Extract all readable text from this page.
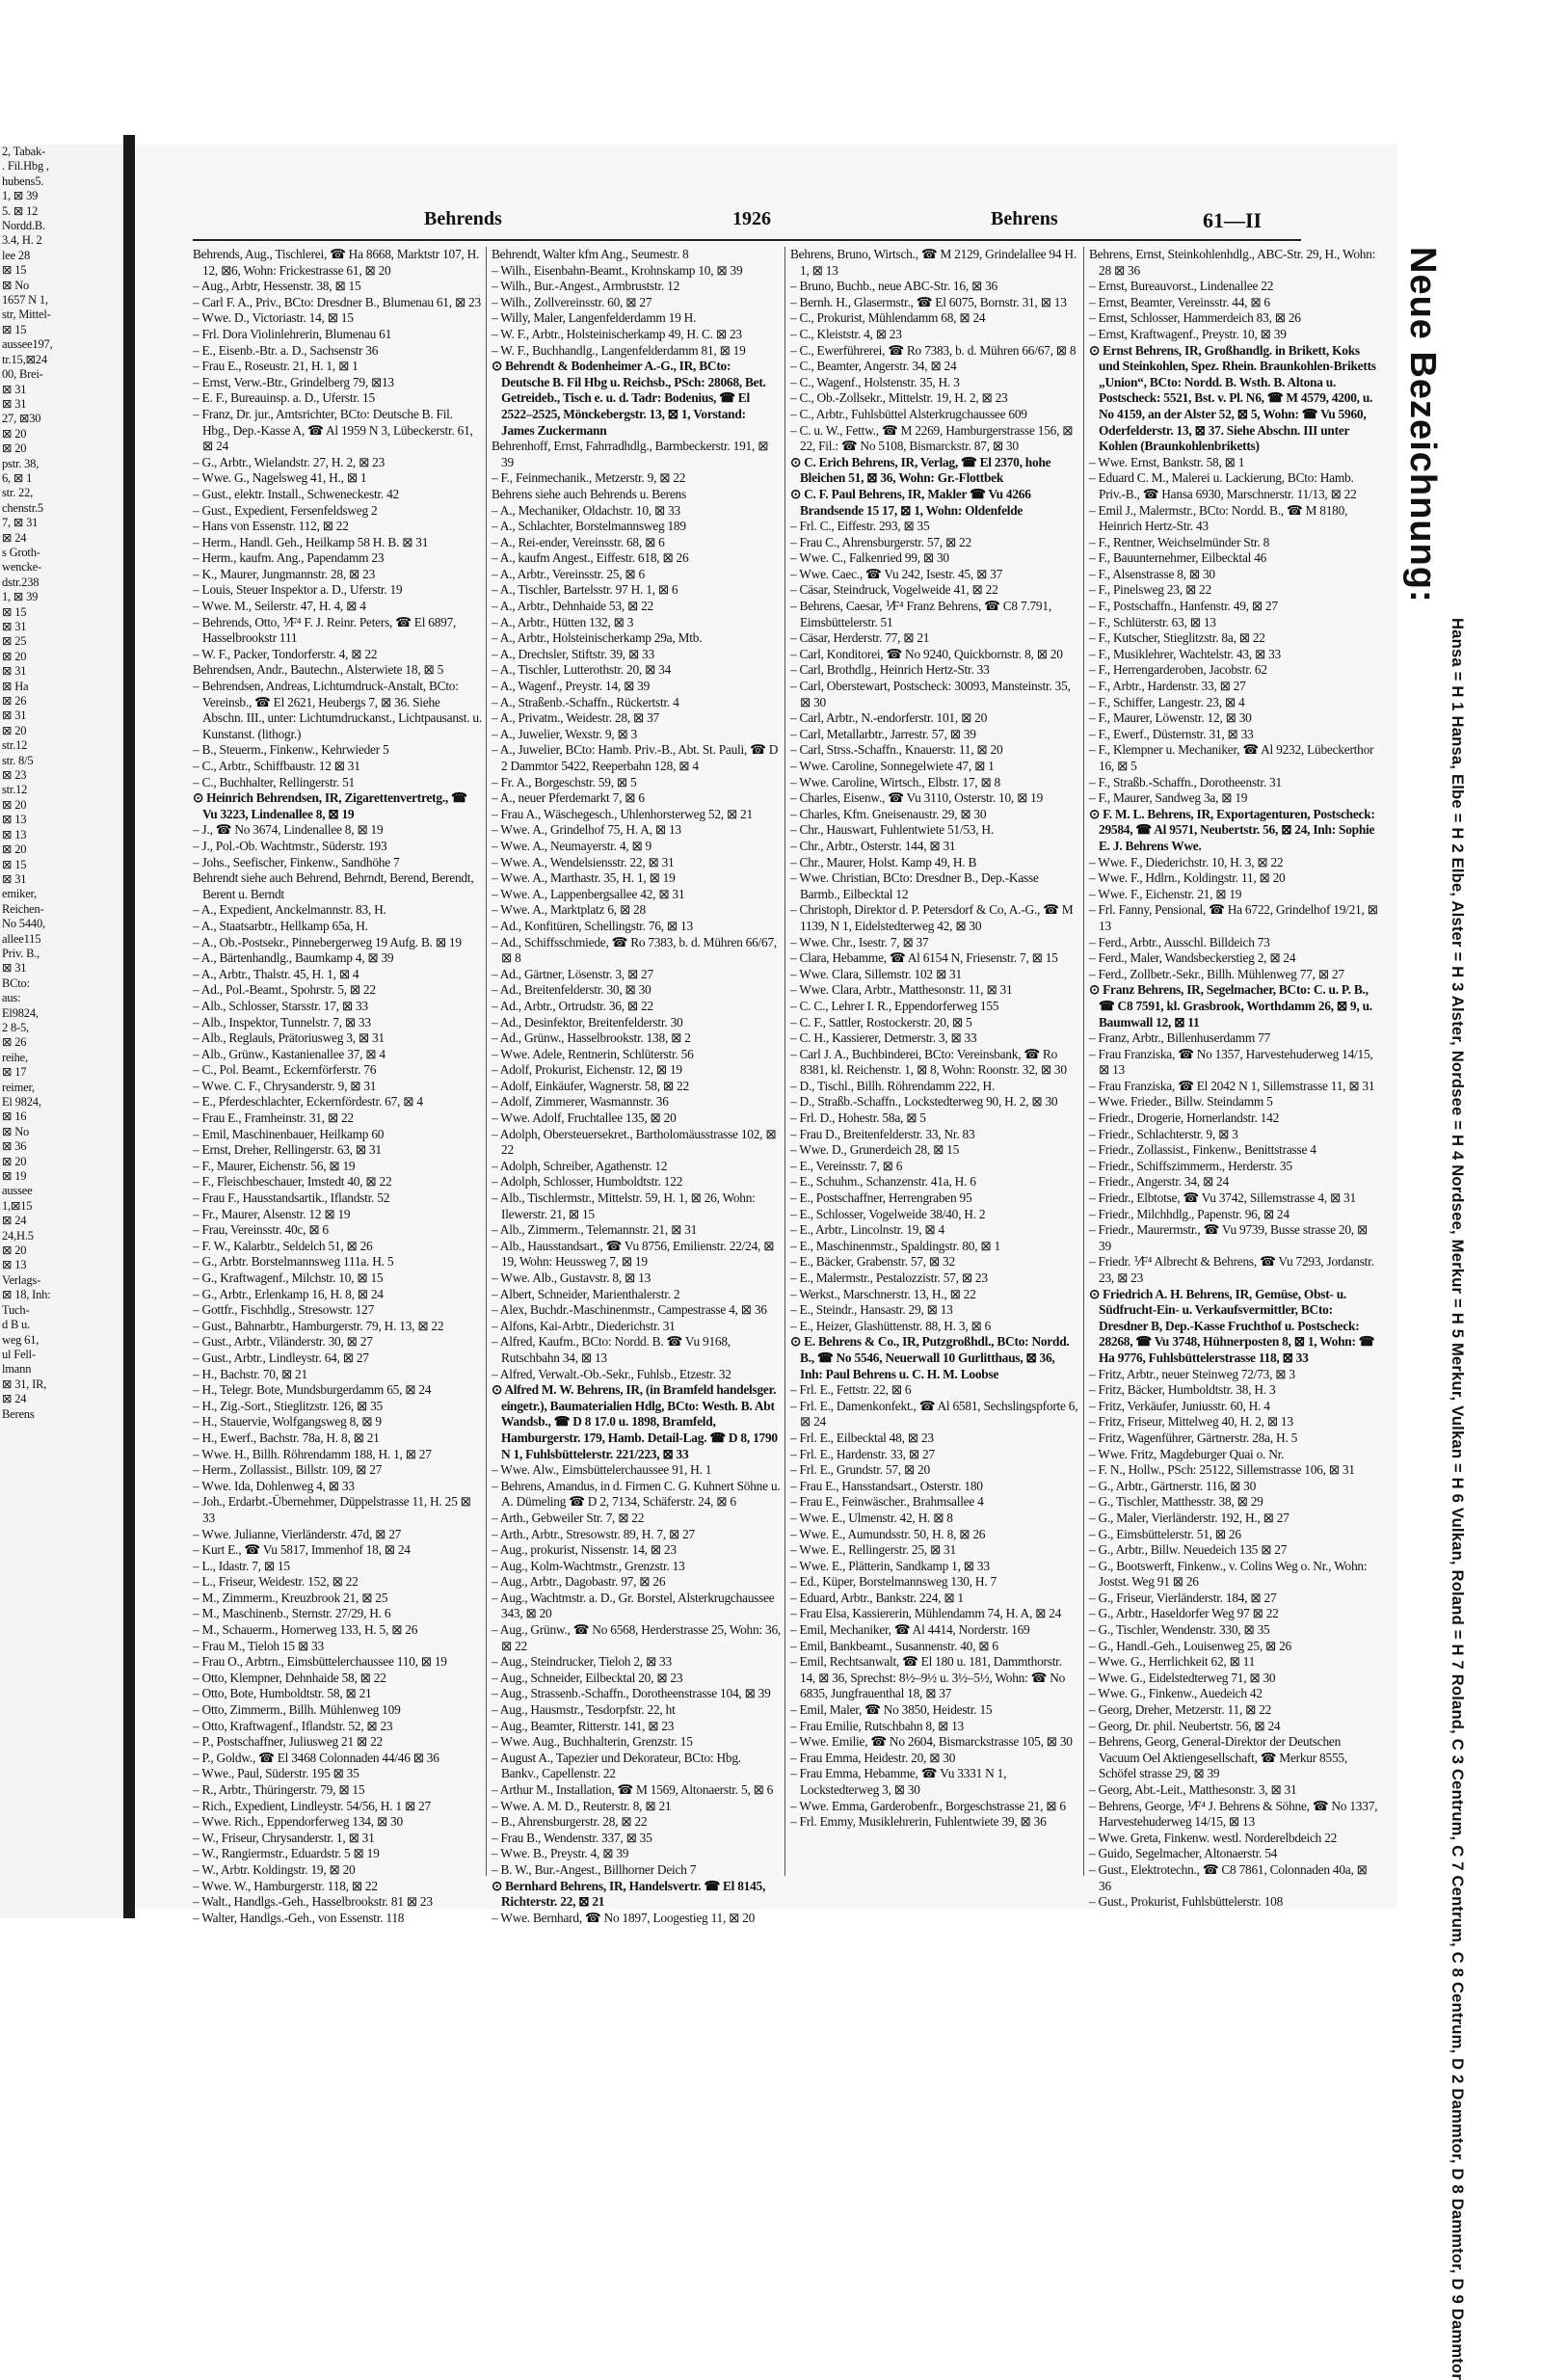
2, Tabak-
. Fil.Hbg ,
hubens5.
1, ⊠ 39
5. ⊠ 12
Nordd.B.
3.4, H. 2
lee 28
⊠ 15
⊠ No
1657 N 1,
str, Mittel-
⊠ 15
aussee197,
tr.15,⊠24
00, Brei-
⊠ 31
⊠ 31
27, ⊠30
⊠ 20
⊠ 20
pstr. 38,
6, ⊠ 1
str. 22,
chenstr.5
7, ⊠ 31
⊠ 24
s Groth-
wencke-
dstr.238
1, ⊠ 39
⊠ 15
⊠ 31
⊠ 25
⊠ 20
⊠ 31
⊠ Ha
⊠ 26
⊠ 31
⊠ 20
str.12
str. 8/5
⊠ 23
str.12
⊠ 20
⊠ 13
⊠ 13
⊠ 20
⊠ 15
⊠ 31
emiker,
Reichen-
No 5440,
allee115
Priv. B.,
⊠ 31
BCto:
aus:
El9824,
2 8-5,
⊠ 26
reihe,
⊠ 17
reimer,
El 9824,
⊠ 16
⊠ No
⊠ 36
⊠ 20
⊠ 19
aussee
1,⊠15
⊠ 24
24,H.5
⊠ 20
⊠ 13
Verlags-
⊠ 18, Inh:
Tuch-
d B u.
weg 61,
ul Fell-
lmann
⊠ 31, IR,
⊠ 24
Berens
Behrends	1926	Behrens	61—II

Behrends, Aug., Tischlerei, ☎ Ha 8668, Marktstr 107, H. 12, ⊠6, Wohn: Frickestrasse 61, ⊠ 20

– Aug., Arbtr, Hessenstr. 38, ⊠ 15

– Carl F. A., Priv., BCto: Dresdner B., Blumenau 61, ⊠ 23

– Wwe. D., Victoriastr. 14, ⊠ 15

– Frl. Dora Violinlehrerin, Blumenau 61

– E., Eisenb.-Btr. a. D., Sachsenstr 36

– Frau E., Roseustr. 21, H. 1, ⊠ 1

– Ernst, Verw.-Btr., Grindelberg 79, ⊠13

– E. F., Bureauinsp. a. D., Uferstr. 15

– Franz, Dr. jur., Amtsrichter, BCto: Deutsche B. Fil. Hbg., Dep.-Kasse A, ☎ Al 1959 N 3, Lübeckerstr. 61, ⊠ 24

– G., Arbtr., Wielandstr. 27, H. 2, ⊠ 23

– Wwe. G., Nagelsweg 41, H., ⊠ 1

– Gust., elektr. Install., Schweneckestr. 42

– Gust., Expedient, Fersenfeldsweg 2

– Hans von Essenstr. 112, ⊠ 22

– Herm., Handl. Geh., Heilkamp 58 H. B. ⊠ 31

– Herm., kaufm. Ang., Papendamm 23

– K., Maurer, Jungmannstr. 28, ⊠ 23

– Louis, Steuer Inspektor a. D., Uferstr. 19

– Wwe. M., Seilerstr. 47, H. 4, ⊠ 4

– Behrends, Otto, ⅟F⁴ F. J. Reinr. Peters, ☎ El 6897, Hasselbrookstr 111

– W. F., Packer, Tondorferstr. 4, ⊠ 22

Behrendsen, Andr., Bautechn., Alsterwiete 18, ⊠ 5

– Behrendsen, Andreas, Lichtumdruck-Anstalt, BCto: Vereinsb., ☎ El 2621, Heubergs 7, ⊠ 36. Siehe Abschn. III., unter: Lichtumdruckanst., Lichtpausanst. u. Kunstanst. (lithogr.)

– B., Steuerm., Finkenw., Kehrwieder 5

– C., Arbtr., Schiffbaustr. 12 ⊠ 31

– C., Buchhalter, Rellingerstr. 51

⊙ Heinrich Behrendsen, IR, Zigarettenvertretg., ☎ Vu 3223, Lindenallee 8, ⊠ 19

– J., ☎ No 3674, Lindenallee 8, ⊠ 19

– J., Pol.-Ob. Wachtmstr., Süderstr. 193

– Johs., Seefischer, Finkenw., Sandhöhe 7

Behrendt siehe auch Behrend, Behrndt, Berend, Berendt, Berent u. Berndt

– A., Expedient, Anckelmannstr. 83, H.

– A., Staatsarbtr., Hellkamp 65a, H.

– A., Ob.-Postsekr., Pinnebergerweg 19 Aufg. B. ⊠ 19

– A., Bärtenhandlg., Baumkamp 4, ⊠ 39

– A., Arbtr., Thalstr. 45, H. 1, ⊠ 4

– Ad., Pol.-Beamt., Spohrstr. 5, ⊠ 22

– Alb., Schlosser, Starsstr. 17, ⊠ 33

– Alb., Inspektor, Tunnelstr. 7, ⊠ 33

– Alb., Reglauls, Prätoriusweg 3, ⊠ 31

– Alb., Grünw., Kastanienallee 37, ⊠ 4

– C., Pol. Beamt., Eckernförferstr. 76

– Wwe. C. F., Chrysanderstr. 9, ⊠ 31

– E., Pferdeschlachter, Eckernfördestr. 67, ⊠ 4

– Frau E., Framheinstr. 31, ⊠ 22

– Emil, Maschinenbauer, Heilkamp 60

– Ernst, Dreher, Rellingerstr. 63, ⊠ 31

– F., Maurer, Eichenstr. 56, ⊠ 19

– F., Fleischbeschauer, Imstedt 40, ⊠ 22

– Frau F., Hausstandsartik., Iflandstr. 52

– Fr., Maurer, Alsenstr. 12 ⊠ 19

– Frau, Vereinsstr. 40c, ⊠ 6

– F. W., Kalarbtr., Seldelch 51, ⊠ 26

– G., Arbtr. Borstelmannsweg 111a. H. 5

– G., Kraftwagenf., Milchstr. 10, ⊠ 15

– G., Arbtr., Erlenkamp 16, H. 8, ⊠ 24

– Gottfr., Fischhdlg., Stresowstr. 127

– Gust., Bahnarbtr., Hamburgerstr. 79, H. 13, ⊠ 22

– Gust., Arbtr., Viländerstr. 30, ⊠ 27

– Gust., Arbtr., Lindleystr. 64, ⊠ 27

– H., Bachstr. 70, ⊠ 21

– H., Telegr. Bote, Mundsburgerdamm 65, ⊠ 24

– H., Zig.-Sort., Stieglitzstr. 126, ⊠ 35

– H., Stauervie, Wolfgangsweg 8, ⊠ 9

– H., Ewerf., Bachstr. 78a, H. 8, ⊠ 21

– Wwe. H., Billh. Röhrendamm 188, H. 1, ⊠ 27

– Herm., Zollassist., Billstr. 109, ⊠ 27

– Wwe. Ida, Dohlenweg 4, ⊠ 33

– Joh., Erdarbt.-Übernehmer, Düppelstrasse 11, H. 25 ⊠ 33

– Wwe. Julianne, Vierländerstr. 47d, ⊠ 27

– Kurt E., ☎ Vu 5817, Immenhof 18, ⊠ 24

– L., Idastr. 7, ⊠ 15

– L., Friseur, Weidestr. 152, ⊠ 22

– M., Zimmerm., Kreuzbrook 21, ⊠ 25

– M., Maschinenb., Sternstr. 27/29, H. 6

– M., Schauerm., Hornerweg 133, H. 5, ⊠ 26

– Frau M., Tieloh 15 ⊠ 33

– Frau O., Arbtrn., Eimsbüttelerchaussee 110, ⊠ 19

– Otto, Klempner, Dehnhaide 58, ⊠ 22

– Otto, Bote, Humboldtstr. 58, ⊠ 21

– Otto, Zimmerm., Billh. Mühlenweg 109

– Otto, Kraftwagenf., Iflandstr. 52, ⊠ 23

– P., Postschaffner, Juliusweg 21 ⊠ 22

– P., Goldw., ☎ El 3468 Colonnaden 44/46 ⊠ 36

– Wwe., Paul, Süderstr. 195 ⊠ 35

– R., Arbtr., Thüringerstr. 79, ⊠ 15

– Rich., Expedient, Lindleystr. 54/56, H. 1 ⊠ 27

– Wwe. Rich., Eppendorferweg 134, ⊠ 30

– W., Friseur, Chrysanderstr. 1, ⊠ 31

– W., Rangiermstr., Eduardstr. 5 ⊠ 19

– W., Arbtr. Koldingstr. 19, ⊠ 20

– Wwe. W., Hamburgerstr. 118, ⊠ 22

– Walt., Handlgs.-Geh., Hasselbrookstr. 81 ⊠ 23

– Walter, Handlgs.-Geh., von Essenstr. 118

Behrendt, Walter kfm Ang., Seumestr. 8

– Wilh., Eisenbahn-Beamt., Krohnskamp 10, ⊠ 39

– Wilh., Bur.-Angest., Armbruststr. 12

– Wilh., Zollvereinsstr. 60, ⊠ 27

– Willy, Maler, Langenfelderdamm 19 H.

– W. F., Arbtr., Holsteinischerkamp 49, H. C. ⊠ 23

– W. F., Buchhandlg., Langenfelderdamm 81, ⊠ 19

⊙ Behrendt & Bodenheimer A.-G., IR, BCto: Deutsche B. Fil Hbg u. Reichsb., PSch: 28068, Bet. Getreideb., Tisch e. u. d. Tadr: Bodenius, ☎ El 2522–2525, Mönckebergstr. 13, ⊠ 1, Vorstand: James Zuckermann

Behrenhoff, Ernst, Fahrradhdlg., Barmbeckerstr. 191, ⊠ 39

– F., Feinmechanik., Metzerstr. 9, ⊠ 22

Behrens siehe auch Behrends u. Berens

– A., Mechaniker, Oldachstr. 10, ⊠ 33

– A., Schlachter, Borstelmannsweg 189

– A., Rei-ender, Vereinsstr. 68, ⊠ 6

– A., kaufm Angest., Eiffestr. 618, ⊠ 26

– A., Arbtr., Vereinsstr. 25, ⊠ 6

– A., Tischler, Bartelsstr. 97 H. 1, ⊠ 6

– A., Arbtr., Dehnhaide 53, ⊠ 22

– A., Arbtr., Hütten 132, ⊠ 3

– A., Arbtr., Holsteinischerkamp 29a, Mtb.

– A., Drechsler, Stiftstr. 39, ⊠ 33

– A., Tischler, Lutterothstr. 20, ⊠ 34

– A., Wagenf., Preystr. 14, ⊠ 39

– A., Straßenb.-Schaffn., Rückertstr. 4

– A., Privatm., Weidestr. 28, ⊠ 37

– A., Juwelier, Wexstr. 9, ⊠ 3

– A., Juwelier, BCto: Hamb. Priv.-B., Abt. St. Pauli, ☎ D 2 Dammtor 5422, Reeperbahn 128, ⊠ 4

– Fr. A., Borgeschstr. 59, ⊠ 5

– A., neuer Pferdemarkt 7, ⊠ 6

– Frau A., Wäschegesch., Uhlenhorsterweg 52, ⊠ 21

– Wwe. A., Grindelhof 75, H. A, ⊠ 13

– Wwe. A., Neumayerstr. 4, ⊠ 9

– Wwe. A., Wendelsiensstr. 22, ⊠ 31

– Wwe. A., Marthastr. 35, H. 1, ⊠ 19

– Wwe. A., Lappenbergsallee 42, ⊠ 31

– Wwe. A., Marktplatz 6, ⊠ 28

– Ad., Konfitüren, Schellingstr. 76, ⊠ 13

– Ad., Schiffsschmiede, ☎ Ro 7383, b. d. Mühren 66/67, ⊠ 8

– Ad., Gärtner, Lösenstr. 3, ⊠ 27

– Ad., Breitenfelderstr. 30, ⊠ 30

– Ad., Arbtr., Ortrudstr. 36, ⊠ 22

– Ad., Desinfektor, Breitenfelderstr. 30

– Ad., Grünw., Hasselbrookstr. 138, ⊠ 2

– Wwe. Adele, Rentnerin, Schlüterstr. 56

– Adolf, Prokurist, Eichenstr. 12, ⊠ 19

– Adolf, Einkäufer, Wagnerstr. 58, ⊠ 22

– Adolf, Zimmerer, Wasmannstr. 36

– Wwe. Adolf, Fruchtallee 135, ⊠ 20

– Adolph, Obersteuersekret., Bartholomäusstrasse 102, ⊠ 22

– Adolph, Schreiber, Agathenstr. 12

– Adolph, Schlosser, Humboldtstr. 122

– Alb., Tischlermstr., Mittelstr. 59, H. 1, ⊠ 26, Wohn: Ilewerstr. 21, ⊠ 15

– Alb., Zimmerm., Telemannstr. 21, ⊠ 31

– Alb., Hausstandsart., ☎ Vu 8756, Emilienstr. 22/24, ⊠ 19, Wohn: Heussweg 7, ⊠ 19

– Wwe. Alb., Gustavstr. 8, ⊠ 13

– Albert, Schneider, Marienthalerstr. 2

– Alex, Buchdr.-Maschinenmstr., Campestrasse 4, ⊠ 36

– Alfons, Kai-Arbtr., Diederichstr. 31

– Alfred, Kaufm., BCto: Nordd. B. ☎ Vu 9168, Rutschbahn 34, ⊠ 13

– Alfred, Verwalt.-Ob.-Sekr., Fuhlsb., Etzestr. 32

⊙ Alfred M. W. Behrens, IR, (in Bramfeld handelsger. eingetr.), Baumaterialien Hdlg, BCto: Westh. B. Abt Wandsb., ☎ D 8 17.0 u. 1898, Bramfeld, Hamburgerstr. 179, Hamb. Detail-Lag. ☎ D 8, 1790 N 1, Fuhlsbüttelerstr. 221/223, ⊠ 33

– Wwe. Alw., Eimsbüttelerchaussee 91, H. 1

– Behrens, Amandus, in d. Firmen C. G. Kuhnert Söhne u. A. Dümeling ☎ D 2, 7134, Schäferstr. 24, ⊠ 6

– Arth., Gebweiler Str. 7, ⊠ 22

– Arth., Arbtr., Stresowstr. 89, H. 7, ⊠ 27

– Aug., prokurist, Nissenstr. 14, ⊠ 23

– Aug., Kolm-Wachtmstr., Grenzstr. 13

– Aug., Arbtr., Dagobastr. 97, ⊠ 26

– Aug., Wachtmstr. a. D., Gr. Borstel, Alsterkrugchaussee 343, ⊠ 20

– Aug., Grünw., ☎ No 6568, Herderstrasse 25, Wohn: 36, ⊠ 22

– Aug., Steindrucker, Tieloh 2, ⊠ 33

– Aug., Schneider, Eilbecktal 20, ⊠ 23

– Aug., Strassenb.-Schaffn., Dorotheenstrasse 104, ⊠ 39

– Aug., Hausmstr., Tesdorpfstr. 22, ht

– Aug., Beamter, Ritterstr. 141, ⊠ 23

– Wwe. Aug., Buchhalterin, Grenzstr. 15

– August A., Tapezier und Dekorateur, BCto: Hbg. Bankv., Capellenstr. 22

– Arthur M., Installation, ☎ M 1569, Altonaerstr. 5, ⊠ 6

– Wwe. A. M. D., Reuterstr. 8, ⊠ 21

– B., Ahrensburgerstr. 28, ⊠ 22

– Frau B., Wendenstr. 337, ⊠ 35

– Wwe. B., Preystr. 4, ⊠ 39

– B. W., Bur.-Angest., Billhorner Deich 7

⊙ Bernhard Behrens, IR, Handelsvertr. ☎ El 8145, Richterstr. 22, ⊠ 21

– Wwe. Bernhard, ☎ No 1897, Loogestieg 11, ⊠ 20

Behrens, Bruno, Wirtsch., ☎ M 2129, Grindelallee 94 H. 1, ⊠ 13

– Bruno, Buchb., neue ABC-Str. 16, ⊠ 36

– Bernh. H., Glasermstr., ☎ El 6075, Bornstr. 31, ⊠ 13

– C., Prokurist, Mühlendamm 68, ⊠ 24

– C., Kleiststr. 4, ⊠ 23

– C., Ewerführerei, ☎ Ro 7383, b. d. Mühren 66/67, ⊠ 8

– C., Beamter, Angerstr. 34, ⊠ 24

– C., Wagenf., Holstenstr. 35, H. 3

– C., Ob.-Zollsekr., Mittelstr. 19, H. 2, ⊠ 23

– C., Arbtr., Fuhlsbüttel Alsterkrugchaussee 609

– C. u. W., Fettw., ☎ M 2269, Hamburgerstrasse 156, ⊠ 22, Fil.: ☎ No 5108, Bismarckstr. 87, ⊠ 30

⊙ C. Erich Behrens, IR, Verlag, ☎ El 2370, hohe Bleichen 51, ⊠ 36, Wohn: Gr.-Flottbek

⊙ C. F. Paul Behrens, IR, Makler ☎ Vu 4266 Brandsende 15 17, ⊠ 1, Wohn: Oldenfelde

– Frl. C., Eiffestr. 293, ⊠ 35

– Frau C., Ahrensburgerstr. 57, ⊠ 22

– Wwe. C., Falkenried 99, ⊠ 30

– Wwe. Caec., ☎ Vu 242, Isestr. 45, ⊠ 37

– Cäsar, Steindruck, Vogelweide 41, ⊠ 22

– Behrens, Caesar, ⅟F⁴ Franz Behrens, ☎ C8 7.791, Eimsbüttelerstr. 51

– Cäsar, Herderstr. 77, ⊠ 21

– Carl, Konditorei, ☎ No 9240, Quickbornstr. 8, ⊠ 20

– Carl, Brothdlg., Heinrich Hertz-Str. 33

– Carl, Oberstewart, Postscheck: 30093, Mansteinstr. 35, ⊠ 30

– Carl, Arbtr., N.-endorferstr. 101, ⊠ 20

– Carl, Metallarbtr., Jarrestr. 57, ⊠ 39

– Carl, Strss.-Schaffn., Knauerstr. 11, ⊠ 20

– Wwe. Caroline, Sonnegelwiete 47, ⊠ 1

– Wwe. Caroline, Wirtsch., Elbstr. 17, ⊠ 8

– Charles, Eisenw., ☎ Vu 3110, Osterstr. 10, ⊠ 19

– Charles, Kfm. Gneisenaustr. 29, ⊠ 30

– Chr., Hauswart, Fuhlentwiete 51/53, H.

– Chr., Arbtr., Osterstr. 144, ⊠ 31

– Chr., Maurer, Holst. Kamp 49, H. B

– Wwe. Christian, BCto: Dresdner B., Dep.-Kasse Barmb., Eilbecktal 12

– Christoph, Direktor d. P. Petersdorf & Co, A.-G., ☎ M 1139, N 1, Eidelstedterweg 42, ⊠ 30

– Wwe. Chr., Isestr. 7, ⊠ 37

– Clara, Hebamme, ☎ Al 6154 N, Friesenstr. 7, ⊠ 15

– Wwe. Clara, Sillemstr. 102 ⊠ 31

– Wwe. Clara, Arbtr., Matthesonstr. 11, ⊠ 31

– C. C., Lehrer I. R., Eppendorferweg 155

– C. F., Sattler, Rostockerstr. 20, ⊠ 5

– C. H., Kassierer, Detmerstr. 3, ⊠ 33

– Carl J. A., Buchbinderei, BCto: Vereinsbank, ☎ Ro 8381, kl. Reichenstr. 1, ⊠ 8, Wohn: Roonstr. 32, ⊠ 30

– D., Tischl., Billh. Röhrendamm 222, H.

– D., Straßb.-Schaffn., Lockstedterweg 90, H. 2, ⊠ 30

– Frl. D., Hohestr. 58a, ⊠ 5

– Frau D., Breitenfelderstr. 33, Nr. 83

– Wwe. D., Grunerdeich 28, ⊠ 15

– E., Vereinsstr. 7, ⊠ 6

– E., Schuhm., Schanzenstr. 41a, H. 6

– E., Postschaffner, Herrengraben 95

– E., Schlosser, Vogelweide 38/40, H. 2

– E., Arbtr., Lincolnstr. 19, ⊠ 4

– E., Maschinenmstr., Spaldingstr. 80, ⊠ 1

– E., Bäcker, Grabenstr. 57, ⊠ 32

– E., Malermstr., Pestalozzistr. 57, ⊠ 23

– Werkst., Marschnerstr. 13, H., ⊠ 22

– E., Steindr., Hansastr. 29, ⊠ 13

– E., Heizer, Glashüttenstr. 88, H. 3, ⊠ 6

⊙ E. Behrens & Co., IR, Putzgroßhdl., BCto: Nordd. B., ☎ No 5546, Neuerwall 10 Gurlitthaus, ⊠ 36, Inh: Paul Behrens u. C. H. M. Loobse

– Frl. E., Fettstr. 22, ⊠ 6

– Frl. E., Damenkonfekt., ☎ Al 6581, Sechslingspforte 6, ⊠ 24

– Frl. E., Eilbecktal 48, ⊠ 23

– Frl. E., Hardenstr. 33, ⊠ 27

– Frl. E., Grundstr. 57, ⊠ 20

– Frau E., Hansstandsart., Osterstr. 180

– Frau E., Feinwäscher., Brahmsallee 4

– Wwe. E., Ulmenstr. 42, H. ⊠ 8

– Wwe. E., Aumundsstr. 50, H. 8, ⊠ 26

– Wwe. E., Rellingerstr. 25, ⊠ 31

– Wwe. E., Plätterin, Sandkamp 1, ⊠ 33

– Ed., Küper, Borstelmannsweg 130, H. 7

– Eduard, Arbtr., Bankstr. 224, ⊠ 1

– Frau Elsa, Kassiererin, Mühlendamm 74, H. A, ⊠ 24

– Emil, Mechaniker, ☎ Al 4414, Norderstr. 169

– Emil, Bankbeamt., Susannenstr. 40, ⊠ 6

– Emil, Rechtsanwalt, ☎ El 180 u. 181, Dammthorstr. 14, ⊠ 36, Sprechst: 8½–9½ u. 3½–5½, Wohn: ☎ No 6835, Jungfrauenthal 18, ⊠ 37

– Emil, Maler, ☎ No 3850, Heidestr. 15

– Frau Emilie, Rutschbahn 8, ⊠ 13

– Wwe. Emilie, ☎ No 2604, Bismarckstrasse 105, ⊠ 30

– Frau Emma, Heidestr. 20, ⊠ 30

– Frau Emma, Hebamme, ☎ Vu 3331 N 1, Lockstedterweg 3, ⊠ 30

– Wwe. Emma, Garderobenfr., Borgeschstrasse 21, ⊠ 6

– Frl. Emmy, Musiklehrerin, Fuhlentwiete 39, ⊠ 36

Behrens, Ernst, Steinkohlenhdlg., ABC-Str. 29, H., Wohn: 28 ⊠ 36

– Ernst, Bureauvorst., Lindenallee 22

– Ernst, Beamter, Vereinsstr. 44, ⊠ 6

– Ernst, Schlosser, Hammerdeich 83, ⊠ 26

– Ernst, Kraftwagenf., Preystr. 10, ⊠ 39

⊙ Ernst Behrens, IR, Großhandlg. in Brikett, Koks und Steinkohlen, Spez. Rhein. Braunkohlen-Briketts „Union“, BCto: Nordd. B. Wsth. B. Altona u. Postscheck: 5521, Bst. v. Pl. N6, ☎ M 4579, 4200, u. No 4159, an der Alster 52, ⊠ 5, Wohn: ☎ Vu 5960, Oderfelderstr. 13, ⊠ 37. Siehe Abschn. III unter Kohlen (Braunkohlenbriketts)

– Wwe. Ernst, Bankstr. 58, ⊠ 1

– Eduard C. M., Malerei u. Lackierung, BCto: Hamb. Priv.-B., ☎ Hansa 6930, Marschnerstr. 11/13, ⊠ 22

– Emil J., Malermstr., BCto: Nordd. B., ☎ M 8180, Heinrich Hertz-Str. 43

– F., Rentner, Weichselmünder Str. 8

– F., Bauunternehmer, Eilbecktal 46

– F., Alsenstrasse 8, ⊠ 30

– F., Pinelsweg 23, ⊠ 22

– F., Postschaffn., Hanfenstr. 49, ⊠ 27

– F., Schlüterstr. 63, ⊠ 13

– F., Kutscher, Stieglitzstr. 8a, ⊠ 22

– F., Musiklehrer, Wachtelstr. 43, ⊠ 33

– F., Herrengarderoben, Jacobstr. 62

– F., Arbtr., Hardenstr. 33, ⊠ 27

– F., Schiffer, Langestr. 23, ⊠ 4

– F., Maurer, Löwenstr. 12, ⊠ 30

– F., Ewerf., Düsternstr. 31, ⊠ 33

– F., Klempner u. Mechaniker, ☎ Al 9232, Lübeckerthor 16, ⊠ 5

– F., Straßb.-Schaffn., Dorotheenstr. 31

– F., Maurer, Sandweg 3a, ⊠ 19

⊙ F. M. L. Behrens, IR, Exportagenturen, Postscheck: 29584, ☎ Al 9571, Neubertstr. 56, ⊠ 24, Inh: Sophie E. J. Behrens Wwe.

– Wwe. F., Diederichstr. 10, H. 3, ⊠ 22

– Wwe. F., Hdlrn., Koldingstr. 11, ⊠ 20

– Wwe. F., Eichenstr. 21, ⊠ 19

– Frl. Fanny, Pensional, ☎ Ha 6722, Grindelhof 19/21, ⊠ 13

– Ferd., Arbtr., Ausschl. Billdeich 73

– Ferd., Maler, Wandsbeckerstieg 2, ⊠ 24

– Ferd., Zollbetr.-Sekr., Billh. Mühlenweg 77, ⊠ 27

⊙ Franz Behrens, IR, Segelmacher, BCto: C. u. P. B., ☎ C8 7591, kl. Grasbrook, Worthdamm 26, ⊠ 9, u. Baumwall 12, ⊠ 11

– Franz, Arbtr., Billenhuserdamm 77

– Frau Franziska, ☎ No 1357, Harvestehuderweg 14/15, ⊠ 13

– Frau Franziska, ☎ El 2042 N 1, Sillemstrasse 11, ⊠ 31

– Wwe. Frieder., Billw. Steindamm 5

– Friedr., Drogerie, Hornerlandstr. 142

– Friedr., Schlachterstr. 9, ⊠ 3

– Friedr., Zollassist., Finkenw., Benittstrasse 4

– Friedr., Schiffszimmerm., Herderstr. 35

– Friedr., Angerstr. 34, ⊠ 24

– Friedr., Elbtotse, ☎ Vu 3742, Sillemstrasse 4, ⊠ 31

– Friedr., Milchhdlg., Papenstr. 96, ⊠ 24

– Friedr., Maurermstr., ☎ Vu 9739, Busse strasse 20, ⊠ 39

– Friedr. ⅟F⁴ Albrecht & Behrens, ☎ Vu 7293, Jordanstr. 23, ⊠ 23

⊙ Friedrich A. H. Behrens, IR, Gemüse, Obst- u. Südfrucht-Ein- u. Verkaufsvermittler, BCto: Dresdner B, Dep.-Kasse Fruchthof u. Postscheck: 28268, ☎ Vu 3748, Hühnerposten 8, ⊠ 1, Wohn: ☎ Ha 9776, Fuhlsbüttelerstrasse 118, ⊠ 33

– Fritz, Arbtr., neuer Steinweg 72/73, ⊠ 3

– Fritz, Bäcker, Humboldtstr. 38, H. 3

– Fritz, Verkäufer, Juniusstr. 60, H. 4

– Fritz, Friseur, Mittelweg 40, H. 2, ⊠ 13

– Fritz, Wagenführer, Gärtnerstr. 28a, H. 5

– Wwe. Fritz, Magdeburger Quai o. Nr.

– F. N., Hollw., PSch: 25122, Sillemstrasse 106, ⊠ 31

– G., Arbtr., Gärtnerstr. 116, ⊠ 30

– G., Tischler, Matthesstr. 38, ⊠ 29

– G., Maler, Vierländerstr. 192, H., ⊠ 27

– G., Eimsbüttelerstr. 51, ⊠ 26

– G., Arbtr., Billw. Neuedeich 135 ⊠ 27

– G., Bootswerft, Finkenw., v. Colins Weg o. Nr., Wohn: Jostst. Weg 91 ⊠ 26

– G., Friseur, Vierländerstr. 184, ⊠ 27

– G., Arbtr., Haseldorfer Weg 97 ⊠ 22

– G., Tischler, Wendenstr. 330, ⊠ 35

– G., Handl.-Geh., Louisenweg 25, ⊠ 26

– Wwe. G., Herrlichkeit 62, ⊠ 11

– Wwe. G., Eidelstedterweg 71, ⊠ 30

– Wwe. G., Finkenw., Auedeich 42

– Georg, Dreher, Metzerstr. 11, ⊠ 22

– Georg, Dr. phil. Neubertstr. 56, ⊠ 24

– Behrens, Georg, General-Direktor der Deutschen Vacuum Oel Aktiengesellschaft, ☎ Merkur 8555, Schöfel strasse 29, ⊠ 39

– Georg, Abt.-Leit., Matthesonstr. 3, ⊠ 31

– Behrens, George, ⅟F⁴ J. Behrens & Söhne, ☎ No 1337, Harvestehuderweg 14/15, ⊠ 13

– Wwe. Greta, Finkenw. westl. Norderelbdeich 22

– Guido, Segelmacher, Altonaerstr. 54

– Gust., Elektrotechn., ☎ C8 7861, Colonnaden 40a, ⊠ 36

– Gust., Prokurist, Fuhlsbüttelerstr. 108

Neue Bezeichnung:
Hansa = H 1 Hansa, Elbe = H 2 Elbe, Alster = H 3 Alster, Nordsee = H 4 Nordsee, Merkur = H 5 Merkur, Vulkan = H 6 Vulkan, Roland = H 7 Roland, C 3 Centrum, C 7 Centrum, C 8 Centrum, D 2 Dammtor, D 8 Dammtor, D 9 Dammtor
